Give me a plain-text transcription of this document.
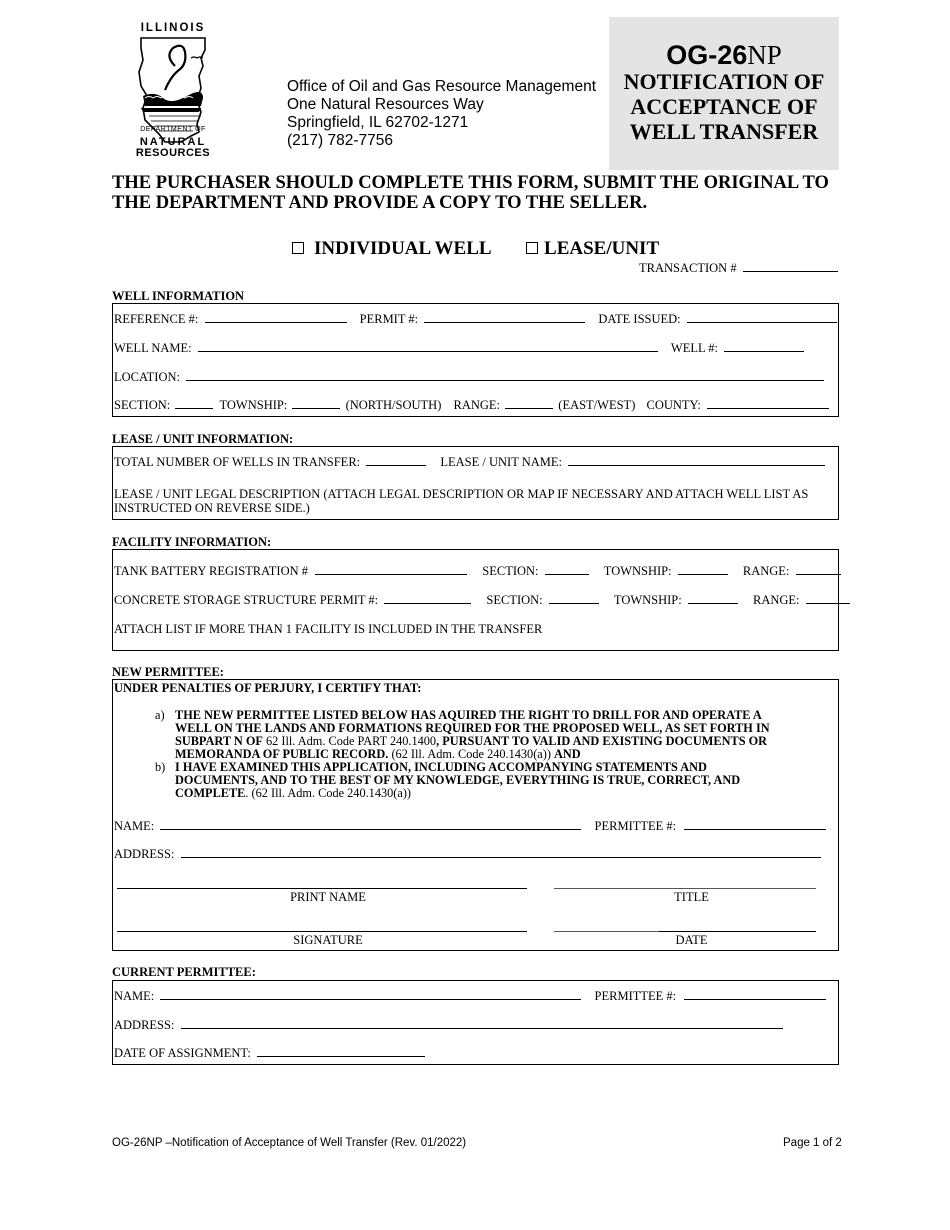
ILLINOIS
DEPARTMENT OF
NATURAL
RESOURCES
Office of Oil and Gas Resource Management
One Natural Resources Way
Springfield, IL 62702-1271
(217) 782-7756
OG-26NP
NOTIFICATION OF
ACCEPTANCE OF
WELL TRANSFER
THE PURCHASER SHOULD COMPLETE THIS FORM, SUBMIT THE ORIGINAL TO THE DEPARTMENT AND PROVIDE A COPY TO THE SELLER.
INDIVIDUAL WELL	LEASE/UNIT
TRANSACTION #
WELL INFORMATION
REFERENCE #:	PERMIT #:	DATE ISSUED:
WELL NAME:	WELL #:
LOCATION:
SECTION:	TOWNSHIP:	(NORTH/SOUTH) RANGE:	(EAST/WEST) COUNTY:
LEASE / UNIT INFORMATION:
TOTAL NUMBER OF WELLS IN TRANSFER:	LEASE / UNIT NAME:
LEASE / UNIT LEGAL DESCRIPTION (ATTACH LEGAL DESCRIPTION OR MAP IF NECESSARY AND ATTACH WELL LIST AS INSTRUCTED ON REVERSE SIDE.)
FACILITY INFORMATION:
TANK BATTERY REGISTRATION #	SECTION:	TOWNSHIP:	RANGE:
CONCRETE STORAGE STRUCTURE PERMIT #:	SECTION:	TOWNSHIP:	RANGE:
ATTACH LIST IF MORE THAN 1 FACILITY IS INCLUDED IN THE TRANSFER
NEW PERMITTEE:
UNDER PENALTIES OF PERJURY, I CERTIFY THAT:
a) THE NEW PERMITTEE LISTED BELOW HAS AQUIRED THE RIGHT TO DRILL FOR AND OPERATE A WELL ON THE LANDS AND FORMATIONS REQUIRED FOR THE PROPOSED WELL, AS SET FORTH IN SUBPART N OF 62 Ill. Adm. Code PART 240.1400, PURSUANT TO VALID AND EXISTING DOCUMENTS OR MEMORANDA OF PUBLIC RECORD. (62 Ill. Adm. Code 240.1430(a)) AND
b) I HAVE EXAMINED THIS APPLICATION, INCLUDING ACCOMPANYING STATEMENTS AND DOCUMENTS, AND TO THE BEST OF MY KNOWLEDGE, EVERYTHING IS TRUE, CORRECT, AND COMPLETE. (62 Ill. Adm. Code 240.1430(a))
NAME:	PERMITTEE #:
ADDRESS:
PRINT NAME	TITLE
SIGNATURE	DATE
CURRENT PERMITTEE:
NAME:	PERMITTEE #:
ADDRESS:
DATE OF ASSIGNMENT:
OG-26NP –Notification of Acceptance of Well Transfer (Rev. 01/2022)	Page 1 of 2
